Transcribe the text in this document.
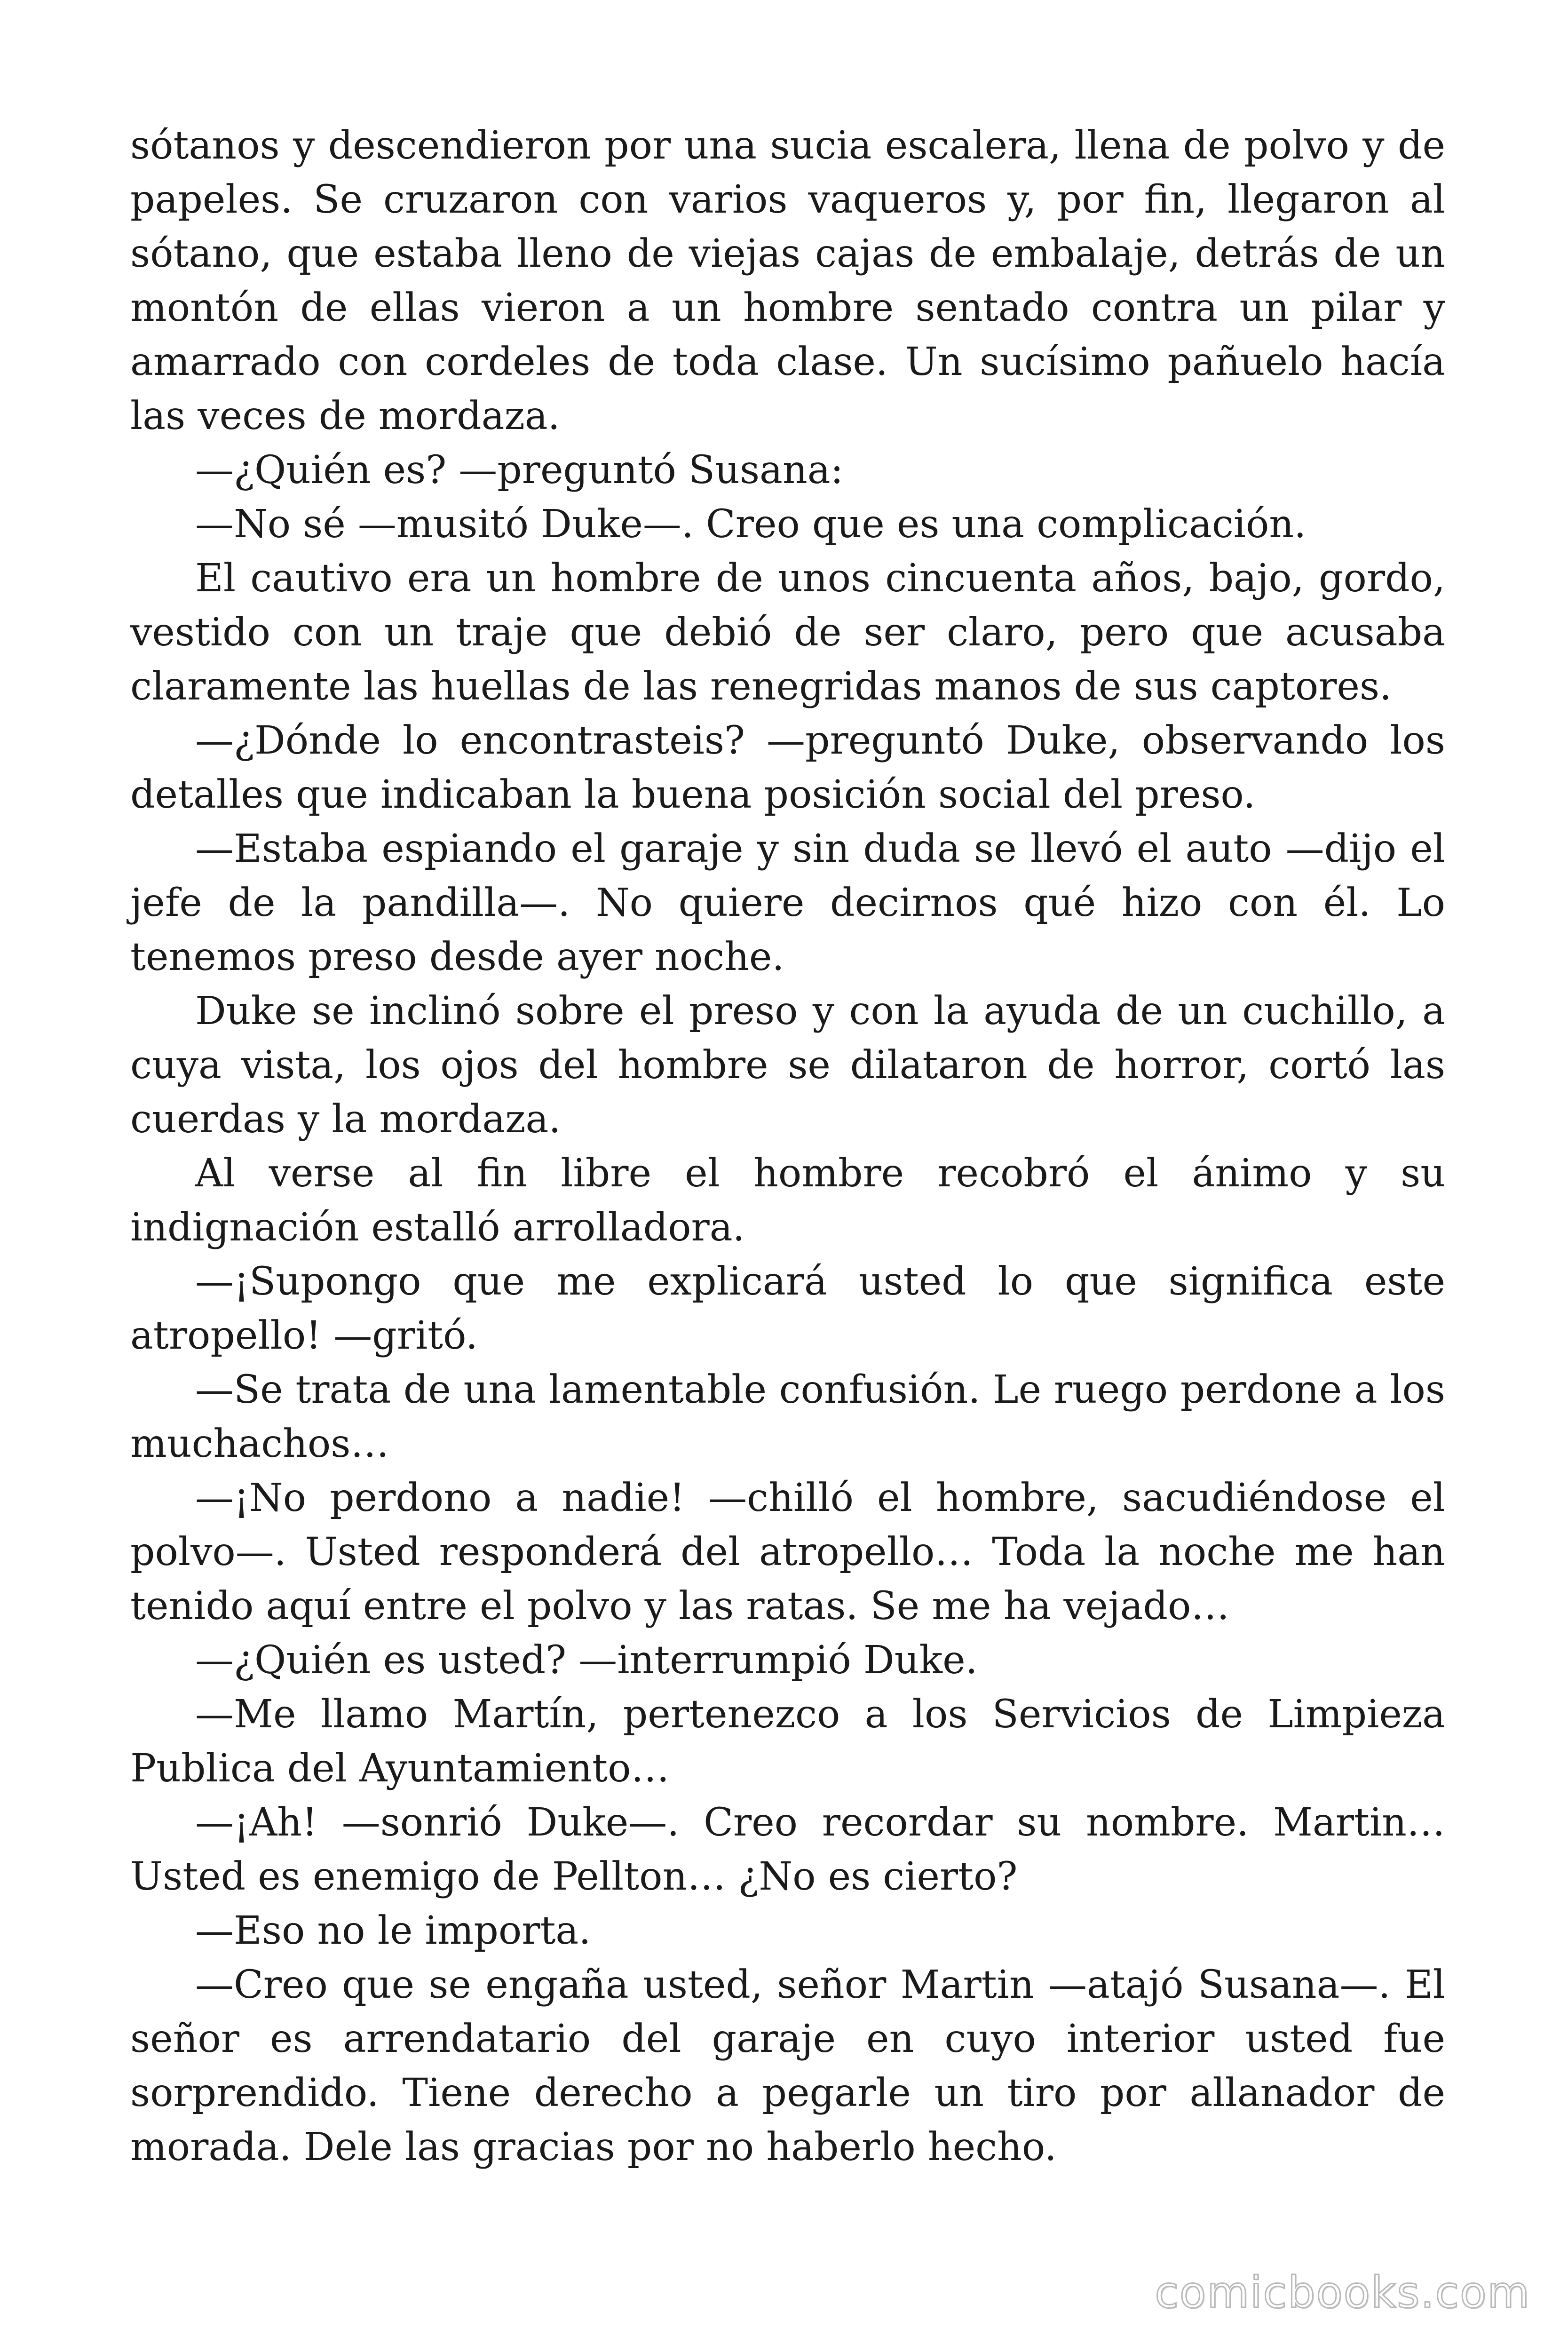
sótanos y descendieron por una sucia escalera, llena de polvo y de papeles. Se cruzaron con varios vaqueros y, por fin, llegaron al sótano, que estaba lleno de viejas cajas de embalaje, detrás de un montón de ellas vieron a un hombre sentado contra un pilar y amarrado con cordeles de toda clase. Un sucísimo pañuelo hacía las veces de mordaza.

—¿Quién es? —preguntó Susana:

—No sé —musitó Duke—. Creo que es una complicación.

El cautivo era un hombre de unos cincuenta años, bajo, gordo, vestido con un traje que debió de ser claro, pero que acusaba claramente las huellas de las renegridas manos de sus captores.

—¿Dónde lo encontrasteis? —preguntó Duke, observando los detalles que indicaban la buena posición social del preso.

—Estaba espiando el garaje y sin duda se llevó el auto —dijo el jefe de la pandilla—. No quiere decirnos qué hizo con él. Lo tenemos preso desde ayer noche.

Duke se inclinó sobre el preso y con la ayuda de un cuchillo, a cuya vista, los ojos del hombre se dilataron de horror, cortó las cuerdas y la mordaza.

Al verse al fin libre el hombre recobró el ánimo y su indignación estalló arrolladora.

—¡Supongo que me explicará usted lo que significa este atropello! —gritó.

—Se trata de una lamentable confusión. Le ruego perdone a los muchachos…

—¡No perdono a nadie! —chilló el hombre, sacudiéndose el polvo—. Usted responderá del atropello… Toda la noche me han tenido aquí entre el polvo y las ratas. Se me ha vejado…

—¿Quién es usted? —interrumpió Duke.

—Me llamo Martín, pertenezco a los Servicios de Limpieza Publica del Ayuntamiento…

—¡Ah! —sonrió Duke—. Creo recordar su nombre. Martin… Usted es enemigo de Pellton… ¿No es cierto?

—Eso no le importa.

—Creo que se engaña usted, señor Martin —atajó Susana—. El señor es arrendatario del garaje en cuyo interior usted fue sorprendido. Tiene derecho a pegarle un tiro por allanador de morada. Dele las gracias por no haberlo hecho.

comicbooks.com
